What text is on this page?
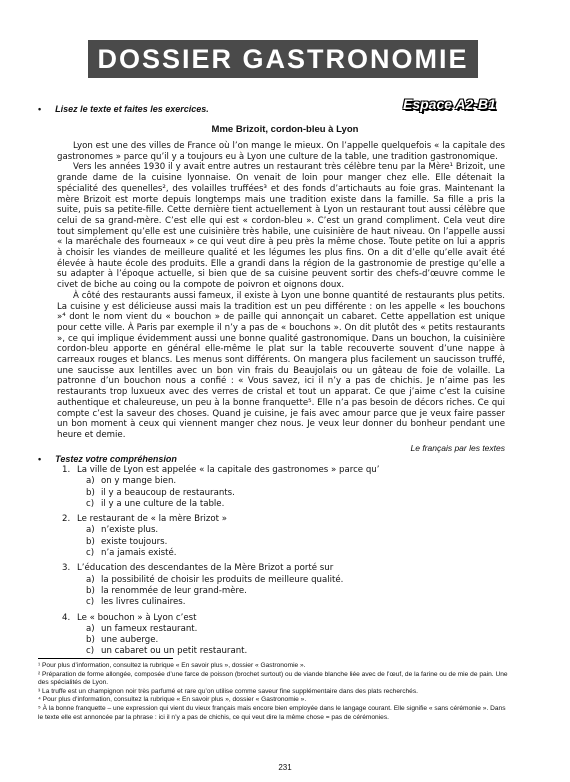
DOSSIER GASTRONOMIE
• Lisez le texte et faites les exercices.	Espace A2-B1
Mme Brizoit, cordon-bleu à Lyon

Lyon est une des villes de France où l’on mange le mieux. On l’appelle quelquefois « la capitale des gastronomes » parce qu’il y a toujours eu à Lyon une culture de la table, une tradition gastronomique.

Vers les années 1930 il y avait entre autres un restaurant très célèbre tenu par la Mère¹ Brizoit, une grande dame de la cuisine lyonnaise. On venait de loin pour manger chez elle. Elle détenait la spécialité des quenelles², des volailles truffées³ et des fonds d’artichauts au foie gras. Maintenant la mère Brizoit est morte depuis longtemps mais une tradition existe dans la famille. Sa fille a pris la suite, puis sa petite-fille. Cette dernière tient actuellement à Lyon un restaurant tout aussi célèbre que celui de sa grand-mère. C’est elle qui est « cordon-bleu ». C’est un grand compliment. Cela veut dire tout simplement qu’elle est une cuisinière très habile, une cuisinière de haut niveau. On l’appelle aussi « la maréchale des fourneaux » ce qui veut dire à peu près la même chose. Toute petite on lui a appris à choisir les viandes de meilleure qualité et les légumes les plus fins. On a dit d’elle qu’elle avait été élevée à haute école des produits. Elle a grandi dans la région de la gastronomie de prestige qu’elle a su adapter à l’époque actuelle, si bien que de sa cuisine peuvent sortir des chefs-d’œuvre comme le civet de biche au coing ou la compote de poivron et oignons doux.

À côté des restaurants aussi fameux, il existe à Lyon une bonne quantité de restaurants plus petits. La cuisine y est délicieuse aussi mais la tradition est un peu différente : on les appelle « les bouchons »⁴ dont le nom vient du « bouchon » de paille qui annonçait un cabaret. Cette appellation est unique pour cette ville. À Paris par exemple il n’y a pas de « bouchons ». On dit plutôt des « petits restaurants », ce qui implique évidemment aussi une bonne qualité gastronomique. Dans un bouchon, la cuisinière cordon-bleu apporte en général elle-même le plat sur la table recouverte souvent d’une nappe à carreaux rouges et blancs. Les menus sont différents. On mangera plus facilement un saucisson truffé, une saucisse aux lentilles avec un bon vin frais du Beaujolais ou un gâteau de foie de volaille. La patronne d’un bouchon nous a confié : « Vous savez, ici il n’y a pas de chichis. Je n’aime pas les restaurants trop luxueux avec des verres de cristal et tout un apparat. Ce que j’aime c’est la cuisine authentique et chaleureuse, un peu à la bonne franquette⁵. Elle n’a pas besoin de décors riches. Ce qui compte c’est la saveur des choses. Quand je cuisine, je fais avec amour parce que je veux faire passer un bon moment à ceux qui viennent manger chez nous. Je veux leur donner du bonheur pendant une heure et demie.

Le français par les textes
• Testez votre compréhension
1. La ville de Lyon est appelée « la capitale des gastronomes » parce qu’
a) on y mange bien.
b) il y a beaucoup de restaurants.
c) il y a une culture de la table.
2. Le restaurant de « la mère Brizot »
a) n’existe plus.
b) existe toujours.
c) n’a jamais existé.
3. L’éducation des descendantes de la Mère Brizot a porté sur
a) la possibilité de choisir les produits de meilleure qualité.
b) la renommée de leur grand-mère.
c) les livres culinaires.
4. Le « bouchon » à Lyon c’est
a) un fameux restaurant.
b) une auberge.
c) un cabaret ou un petit restaurant.
¹ Pour plus d’information, consultez la rubrique « En savoir plus », dossier « Gastronomie ».
² Préparation de forme allongée, composée d’une farce de poisson (brochet surtout) ou de viande blanche liée avec de l’œuf, de la farine ou de mie de pain. Une des spécialités de Lyon.
³ La truffe est un champignon noir très parfumé et rare qu’on utilise comme saveur fine supplémentaire dans des plats recherchés.
⁴ Pour plus d’information, consultez la rubrique « En savoir plus », dossier « Gastronomie ».
⁵ À la bonne franquette – une expression qui vient du vieux français mais encore bien employée dans le langage courant. Elle signifie « sans cérémonie ». Dans le texte elle est annoncée par la phrase : ici il n’y a pas de chichis, ce qui veut dire la même chose = pas de cérémonies.
231
